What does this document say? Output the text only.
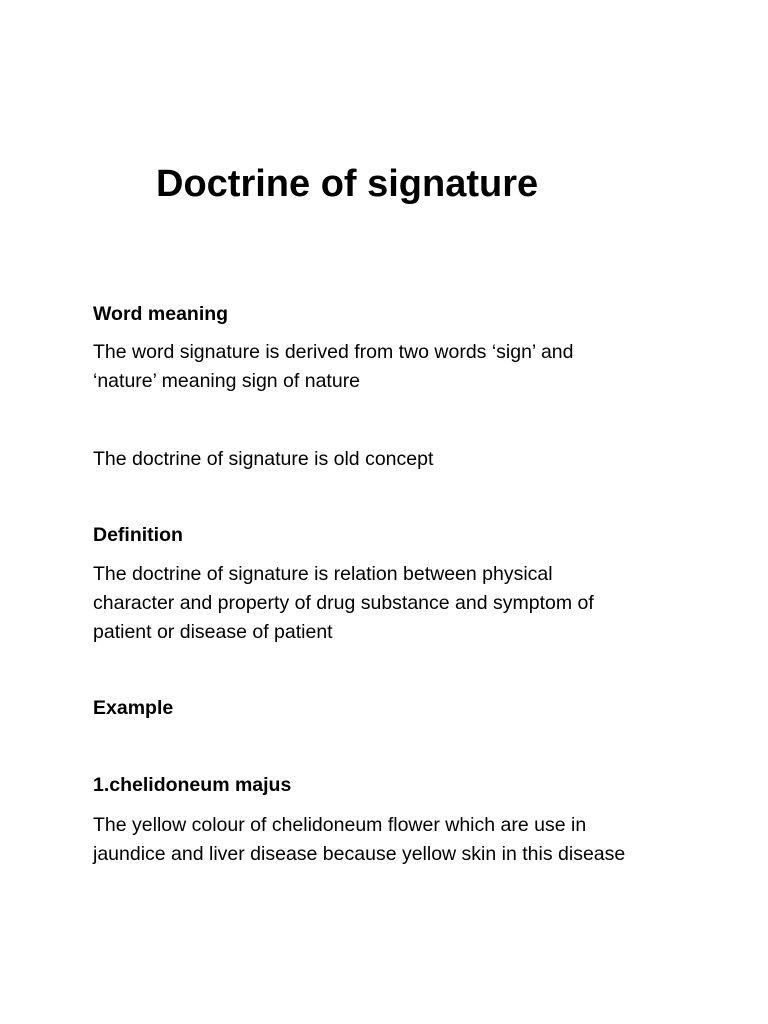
Doctrine of signature
Word meaning

The word signature is derived from two words ‘sign’ and
‘nature’ meaning sign of nature

The doctrine of signature is old concept

Definition

The doctrine of signature is relation between physical
character and property of drug substance and symptom of
patient or disease of patient

Example
1.chelidoneum majus

The yellow colour of chelidoneum flower which are use in
jaundice and liver disease because yellow skin in this disease
